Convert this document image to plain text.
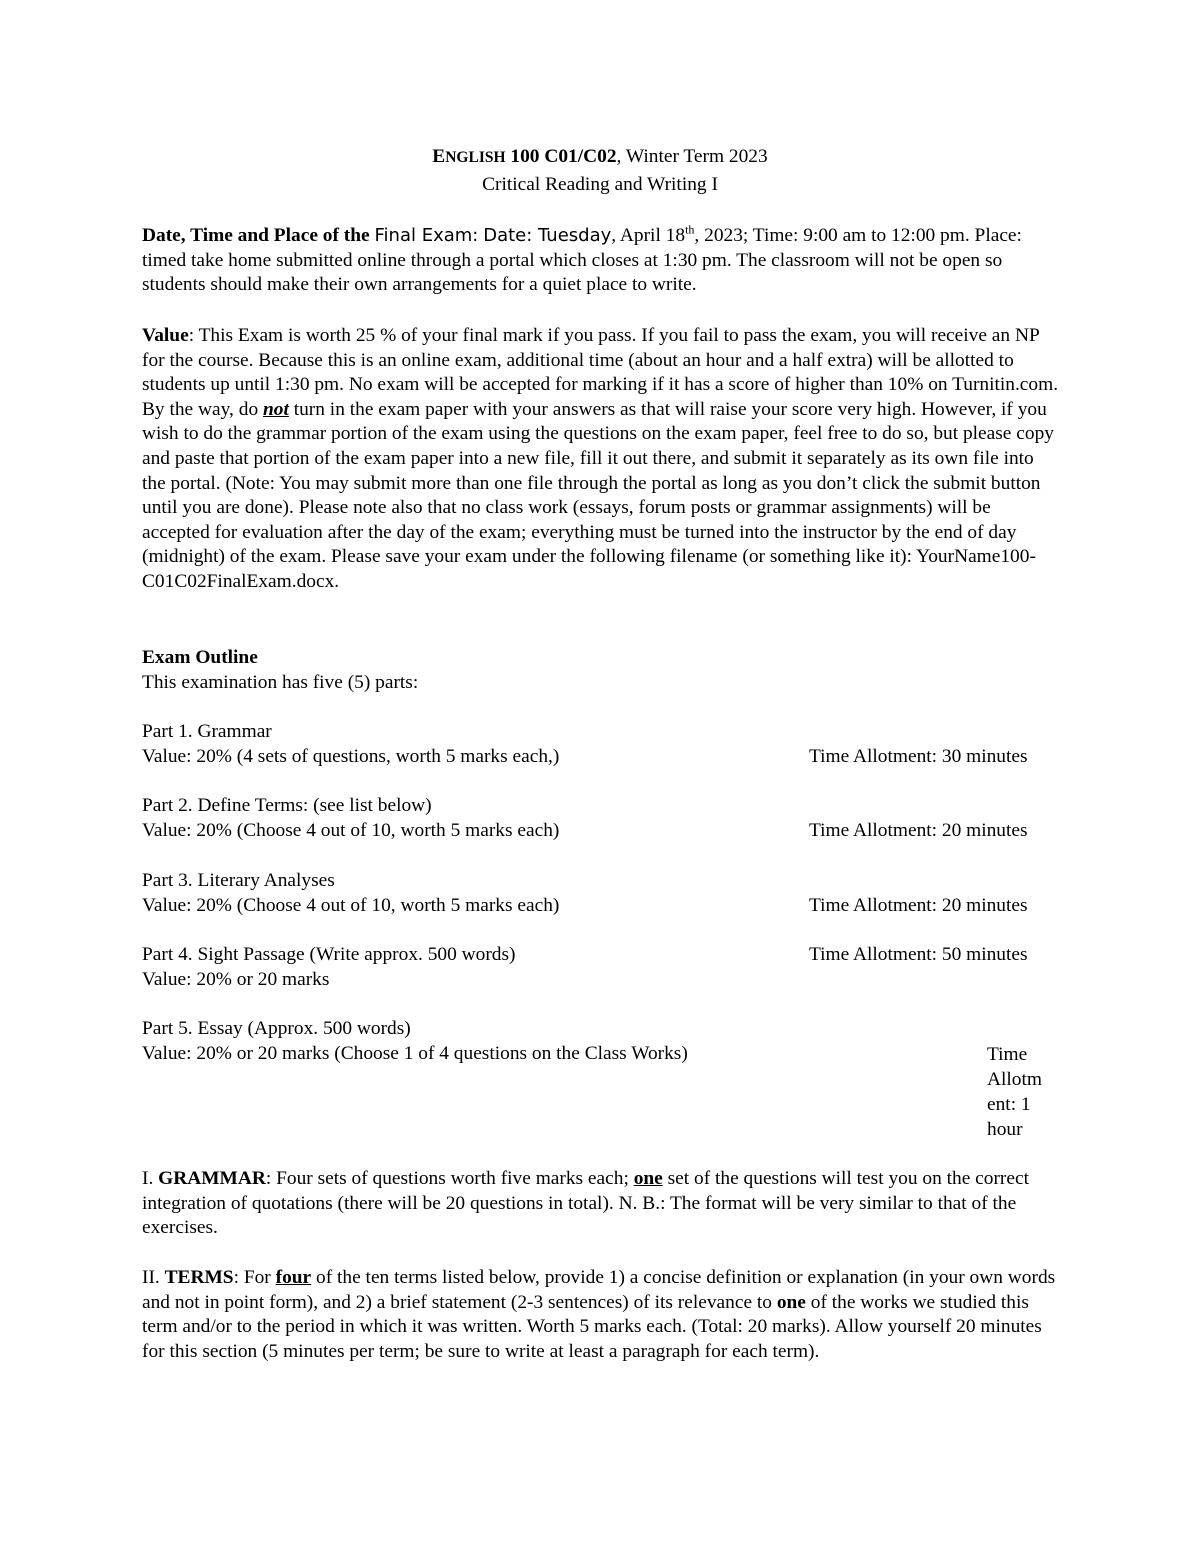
ENGLISH 100 C01/C02, Winter Term 2023
Critical Reading and Writing I
Date, Time and Place of the Final Exam: Date: Tuesday, April 18th, 2023; Time: 9:00 am to 12:00 pm. Place: timed take home submitted online through a portal which closes at 1:30 pm. The classroom will not be open so students should make their own arrangements for a quiet place to write.
Value: This Exam is worth 25 % of your final mark if you pass. If you fail to pass the exam, you will receive an NP for the course. Because this is an online exam, additional time (about an hour and a half extra) will be allotted to students up until 1:30 pm. No exam will be accepted for marking if it has a score of higher than 10% on Turnitin.com. By the way, do not turn in the exam paper with your answers as that will raise your score very high. However, if you wish to do the grammar portion of the exam using the questions on the exam paper, feel free to do so, but please copy and paste that portion of the exam paper into a new file, fill it out there, and submit it separately as its own file into the portal. (Note: You may submit more than one file through the portal as long as you don’t click the submit button until you are done). Please note also that no class work (essays, forum posts or grammar assignments) will be accepted for evaluation after the day of the exam; everything must be turned into the instructor by the end of day (midnight) of the exam. Please save your exam under the following filename (or something like it): YourName100-C01C02FinalExam.docx.
Exam Outline
This examination has five (5) parts:
Part 1. Grammar
Value: 20% (4 sets of questions, worth 5 marks each,)	Time Allotment: 30 minutes
Part 2. Define Terms: (see list below)
Value: 20% (Choose 4 out of 10, worth 5 marks each)	Time Allotment: 20 minutes
Part 3. Literary Analyses
Value: 20% (Choose 4 out of 10, worth 5 marks each)	Time Allotment: 20 minutes
Part 4. Sight Passage (Write approx. 500 words)	Time Allotment: 50 minutes
Value: 20% or 20 marks
Part 5. Essay (Approx. 500 words)
Value: 20% or 20 marks (Choose 1 of 4 questions on the Class Works)	Time
Allotm
ent: 1
hour
I. GRAMMAR: Four sets of questions worth five marks each; one set of the questions will test you on the correct integration of quotations (there will be 20 questions in total). N. B.: The format will be very similar to that of the exercises.
II. TERMS: For four of the ten terms listed below, provide 1) a concise definition or explanation (in your own words and not in point form), and 2) a brief statement (2-3 sentences) of its relevance to one of the works we studied this term and/or to the period in which it was written. Worth 5 marks each. (Total: 20 marks). Allow yourself 20 minutes for this section (5 minutes per term; be sure to write at least a paragraph for each term).
